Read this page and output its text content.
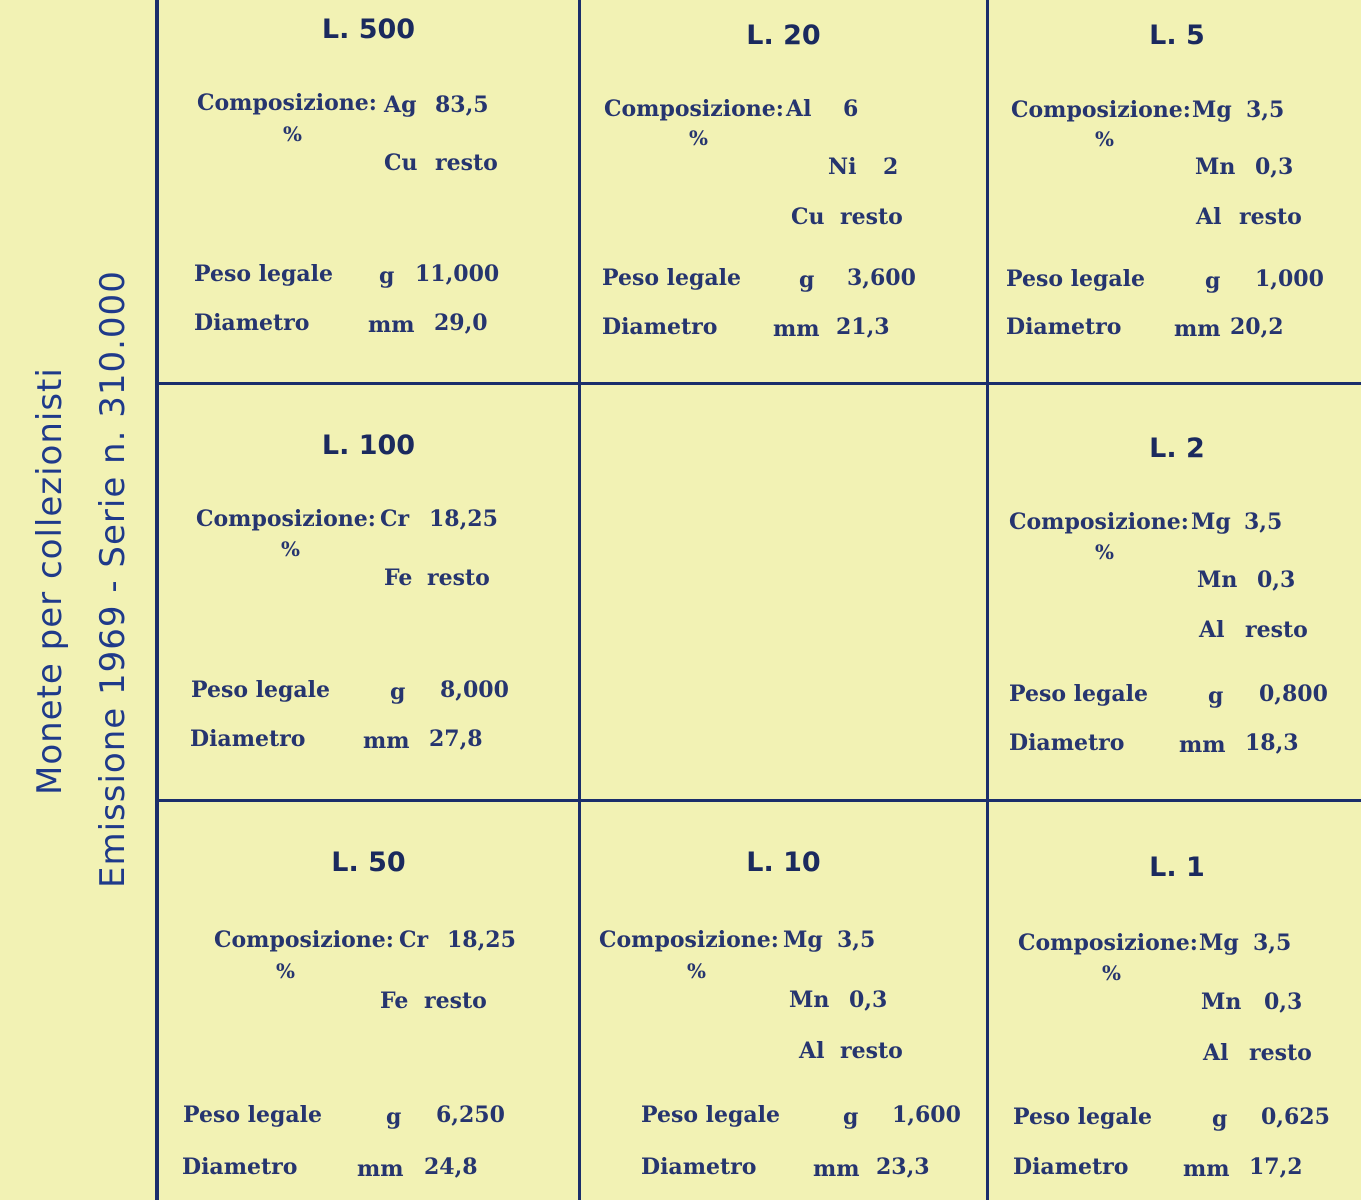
Monete per collezionisti Emissione 1969 - Serie n. 310.000
L. 500
Composizione:
%
Ag 83,5
Cu resto
Peso legale g 11,000
Diametro	mm 29,0
L. 20
Composizione:
%
Al 6
Ni 2
Cu resto
Peso legale	g 3,600
Diametro	mm 21,3
L. 5
Composizione:
%
Mg 3,5
Mn 0,3
Al resto
Peso legale	g 1,000
Diametro mm 20,2
L. 100
Composizione:
%
Cr 18,25
Fe resto
Peso legale	g 8,000
Diametro	mm 27,8
L. 2
Composizione:
%
Mg 3,5
Mn 0,3
Al resto
Peso legale	g 0,800
Diametro mm 18,3
L. 50
Composizione:
%
Cr 18,25
Fe resto
Peso legale	g 6,250
Diametro	mm 24,8
L. 10
Composizione:
%
Mg 3,5
Mn 0,3
Al resto
Peso legale	g 1,600
Diametro	mm 23,3
L. 1
Composizione:
%
Mg 3,5
Mn 0,3
Al resto
Peso legale	g 0,625
Diametro mm 17,2
